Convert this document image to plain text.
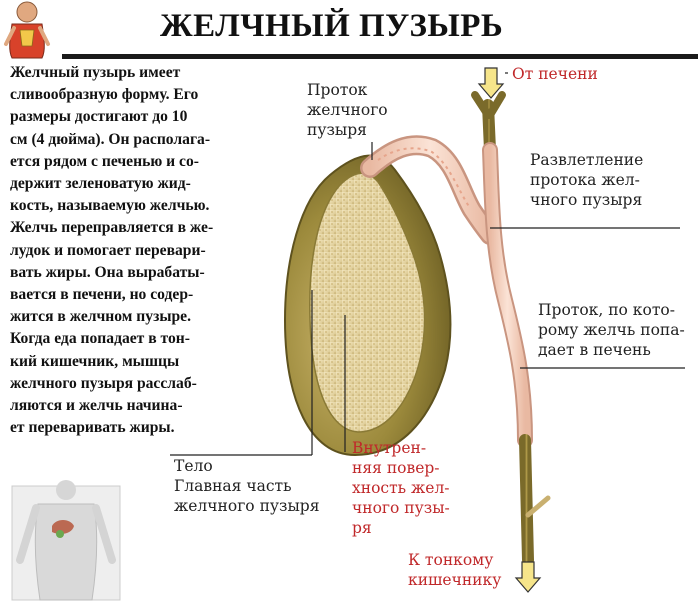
ЖЕЛЧНЫЙ ПУЗЫРЬ
Желчный пузырь имеет
сливообразную форму. Его
размеры достигают до 10
см (4 дюйма). Он располага-
ется рядом с печенью и со-
держит зеленоватую жид-
кость, называемую желчью.
Желчь переправляется в же-
лудок и помогает перевари-
вать жиры. Она вырабаты-
вается в печени, но содер-
жится в желчном пузыре.
Когда еда попадает в тон-
кий кишечник, мышцы
желчного пузыря расслаб-
ляются и желчь начина-
ет переваривать жиры.
От печени
Проток
желчного
пузыря
Развлетление
протока жел-
чного пузыря
Проток, по кото-
рому желчь попа-
дает в печень
Тело
Главная часть
желчного пузыря
Внутрен-
няя повер-
хность жел-
чного пузы-
ря
К тонкому
кишечнику
